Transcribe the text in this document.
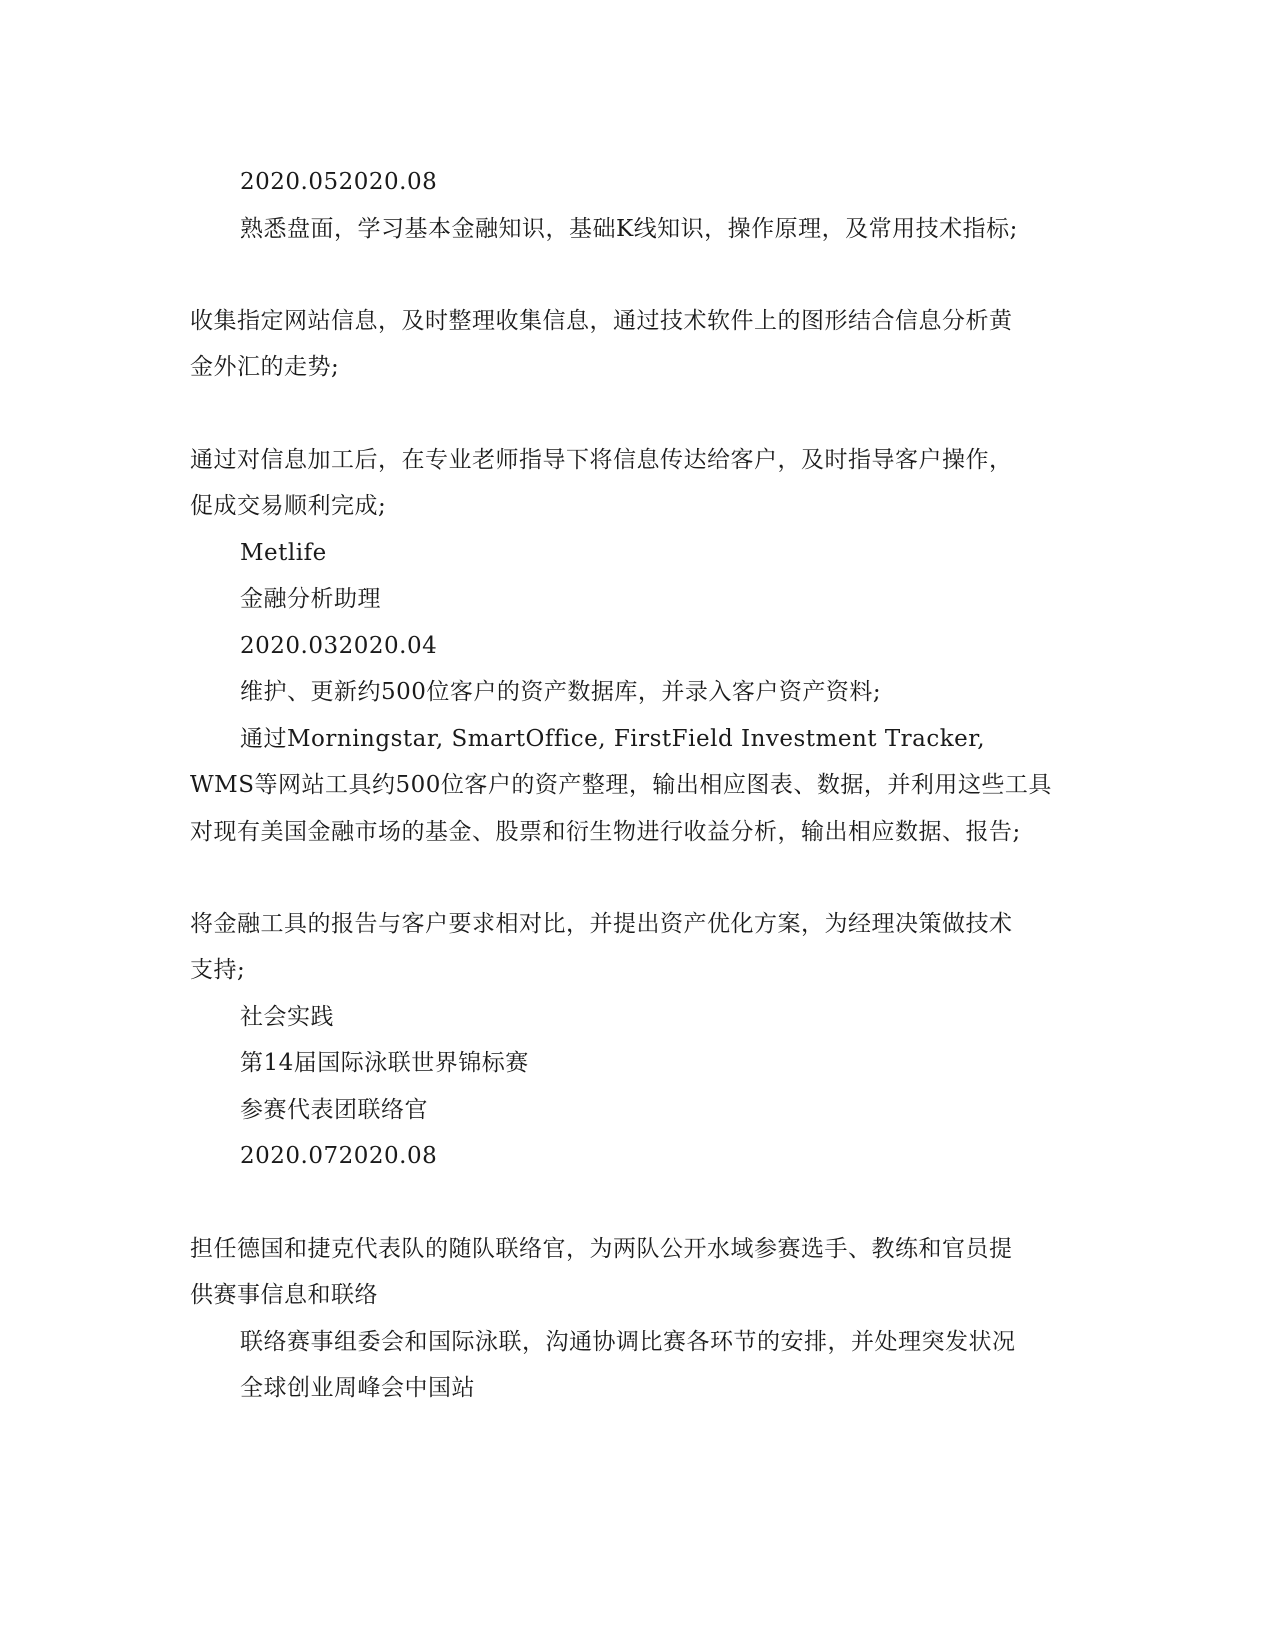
2020.052020.08
熟悉盘面，学习基本金融知识，基础K线知识，操作原理，及常用技术指标;
收集指定网站信息，及时整理收集信息，通过技术软件上的图形结合信息分析黄
金外汇的走势;
通过对信息加工后，在专业老师指导下将信息传达给客户，及时指导客户操作，
促成交易顺利完成;
Metlife
金融分析助理
2020.032020.04
维护、更新约500位客户的资产数据库，并录入客户资产资料;
通过Morningstar, SmartOffice, FirstField Investment Tracker,
WMS等网站工具约500位客户的资产整理，输出相应图表、数据，并利用这些工具
对现有美国金融市场的基金、股票和衍生物进行收益分析，输出相应数据、报告;
将金融工具的报告与客户要求相对比，并提出资产优化方案，为经理决策做技术
支持;
社会实践
第14届国际泳联世界锦标赛
参赛代表团联络官
2020.072020.08
担任德国和捷克代表队的随队联络官，为两队公开水域参赛选手、教练和官员提
供赛事信息和联络
联络赛事组委会和国际泳联，沟通协调比赛各环节的安排，并处理突发状况
全球创业周峰会中国站
